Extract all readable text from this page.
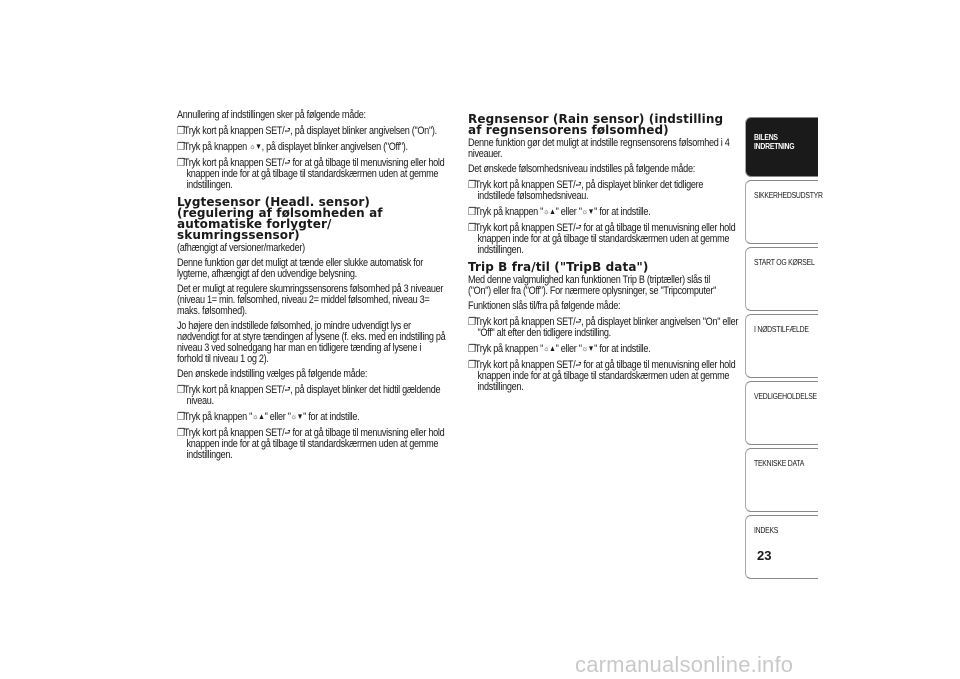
Annullering af indstillingen sker på følgende måde:

❐Tryk kort på knappen SET/⮐, på displayet blinker angivelsen ("On").

❐Tryk på knappen ☼▼, på displayet blinker angivelsen ("Off").

❐Tryk kort på knappen SET/⮐ for at gå tilbage til menuvisning eller hold knappen inde for at gå tilbage til standardskærmen uden at gemme indstillingen.

Lygtesensor (Headl. sensor) (regulering af følsomheden af automatiske forlygter/ skumringssensor)

(afhængigt af versioner/markeder)

Denne funktion gør det muligt at tænde eller slukke automatisk for lygterne, afhængigt af den udvendige belysning.

Det er muligt at regulere skumringssensorens følsomhed på 3 niveauer (niveau 1= min. følsomhed, niveau 2= middel følsomhed, niveau 3= maks. følsomhed).

Jo højere den indstillede følsomhed, jo mindre udvendigt lys er nødvendigt for at styre tændingen af lysene (f. eks. med en indstilling på niveau 3 ved solnedgang har man en tidligere tænding af lysene i forhold til niveau 1 og 2).

Den ønskede indstilling vælges på følgende måde:

❐Tryk kort på knappen SET/⮐, på displayet blinker det hidtil gældende niveau.

❐Tryk på knappen "☼▲" eller "☼▼" for at indstille.

❐Tryk kort på knappen SET/⮐ for at gå tilbage til menuvisning eller hold knappen inde for at gå tilbage til standardskærmen uden at gemme indstillingen.

Regnsensor (Rain sensor) (indstilling af regnsensorens følsomhed)

Denne funktion gør det muligt at indstille regnsensorens følsomhed i 4 niveauer.

Det ønskede følsomhedsniveau indstilles på følgende måde:

❐Tryk kort på knappen SET/⮐, på displayet blinker det tidligere indstillede følsomhedsniveau.

❐Tryk på knappen "☼▲" eller "☼▼" for at indstille.

❐Tryk kort på knappen SET/⮐ for at gå tilbage til menuvisning eller hold knappen inde for at gå tilbage til standardskærmen uden at gemme indstillingen.

Trip B fra/til ("TripB data")

Med denne valgmulighed kan funktionen Trip B (triptæller) slås til ("On") eller fra ("Off"). For nærmere oplysninger, se "Tripcomputer"

Funktionen slås til/fra på følgende måde:

❐Tryk kort på knappen SET/⮐, på displayet blinker angivelsen "On" eller "Off" alt efter den tidligere indstilling.

❐Tryk på knappen "☼▲" eller "☼▼" for at indstille.

❐Tryk kort på knappen SET/⮐ for at gå tilbage til menuvisning eller hold knappen inde for at gå tilbage til standardskærmen uden at gemme indstillingen.

BILENS INDRETNING
SIKKERHEDSUDSTYR
START OG KØRSEL
I NØDSTILFÆLDE
VEDLIGEHOLDELSE
TEKNISKE DATA
INDEKS
23
carmanualsonline.info
